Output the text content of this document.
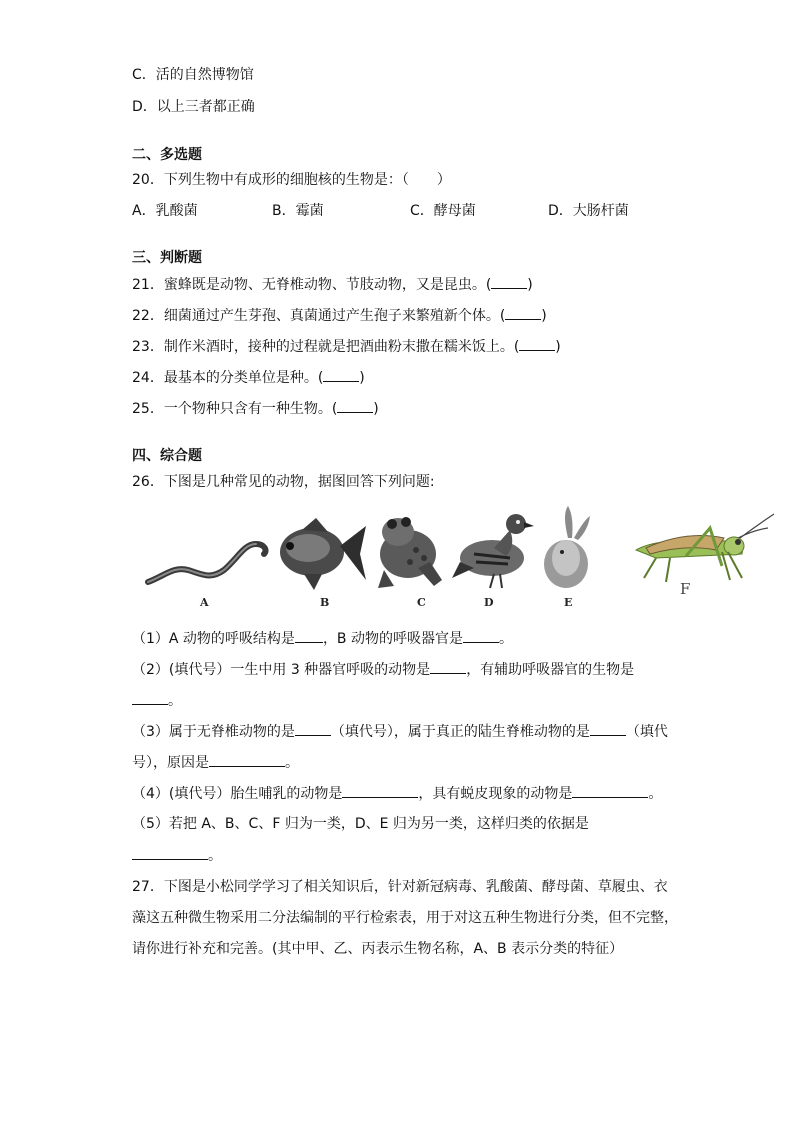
C．活的自然博物馆
D．以上三者都正确
二、多选题
20．下列生物中有成形的细胞核的生物是：（　　）
A．乳酸菌	B．霉菌	C．酵母菌	D．大肠杆菌
三、判断题
21．蜜蜂既是动物、无脊椎动物、节肢动物，又是昆虫。(	)
22．细菌通过产生芽孢、真菌通过产生孢子来繁殖新个体。(	)
23．制作米酒时，接种的过程就是把酒曲粉末撒在糯米饭上。(	)
24．最基本的分类单位是种。(	)
25．一个物种只含有一种生物。(	)
四、综合题
26．下图是几种常见的动物，据图回答下列问题:
A	B	C	D	E
F
（1）A 动物的呼吸结构是 ，B 动物的呼吸器官是	。
（2）(填代号）一生中用 3 种器官呼吸的动物是	，有辅助呼吸器官的生物是
。
（3）属于无脊椎动物的是	（填代号），属于真正的陆生脊椎动物的是	（填代
号），原因是	。
（4）(填代号）胎生哺乳的动物是	，具有蜕皮现象的动物是	。
（5）若把 A、B、C、F 归为一类，D、E 归为另一类，这样归类的依据是
。
27．下图是小松同学学习了相关知识后，针对新冠病毒、乳酸菌、酵母菌、草履虫、衣
藻这五种微生物采用二分法编制的平行检索表，用于对这五种生物进行分类，但不完整，
请你进行补充和完善。(其中甲、乙、丙表示生物名称，A、B 表示分类的特征）
